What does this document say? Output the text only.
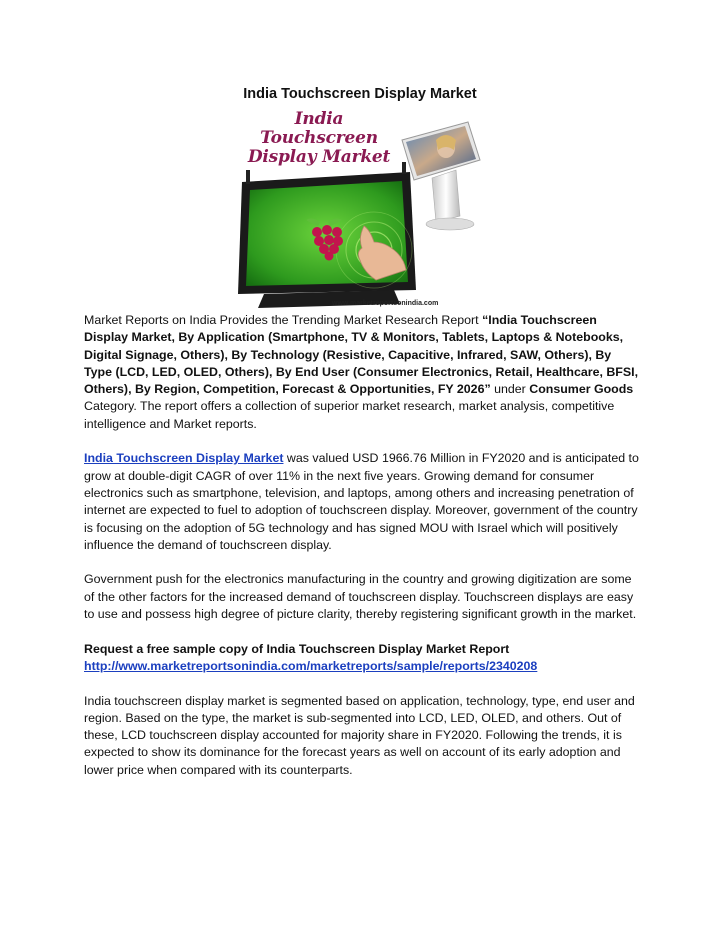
India Touchscreen Display Market
India Touchscreen
Display Market
www.marketreportsonindia.com

Market Reports on India Provides the Trending Market Research Report “India Touchscreen Display Market, By Application (Smartphone, TV & Monitors, Tablets, Laptops & Notebooks, Digital Signage, Others), By Technology (Resistive, Capacitive, Infrared, SAW, Others), By Type (LCD, LED, OLED, Others), By End User (Consumer Electronics, Retail, Healthcare, BFSI, Others), By Region, Competition, Forecast & Opportunities, FY 2026” under Consumer Goods Category. The report offers a collection of superior market research, market analysis, competitive intelligence and Market reports.

India Touchscreen Display Market was valued USD 1966.76 Million in FY2020 and is anticipated to grow at double-digit CAGR of over 11% in the next five years. Growing demand for consumer electronics such as smartphone, television, and laptops, among others and increasing penetration of internet are expected to fuel to adoption of touchscreen display. Moreover, government of the country is focusing on the adoption of 5G technology and has signed MOU with Israel which will positively influence the demand of touchscreen display.

Government push for the electronics manufacturing in the country and growing digitization are some of the other factors for the increased demand of touchscreen display. Touchscreen displays are easy to use and possess high degree of picture clarity, thereby registering significant growth in the market.

Request a free sample copy of India Touchscreen Display Market Report
http://www.marketreportsonindia.com/marketreports/sample/reports/2340208

India touchscreen display market is segmented based on application, technology, type, end user and region. Based on the type, the market is sub-segmented into LCD, LED, OLED, and others. Out of these, LCD touchscreen display accounted for majority share in FY2020. Following the trends, it is expected to show its dominance for the forecast years as well on account of its early adoption and lower price when compared with its counterparts.
